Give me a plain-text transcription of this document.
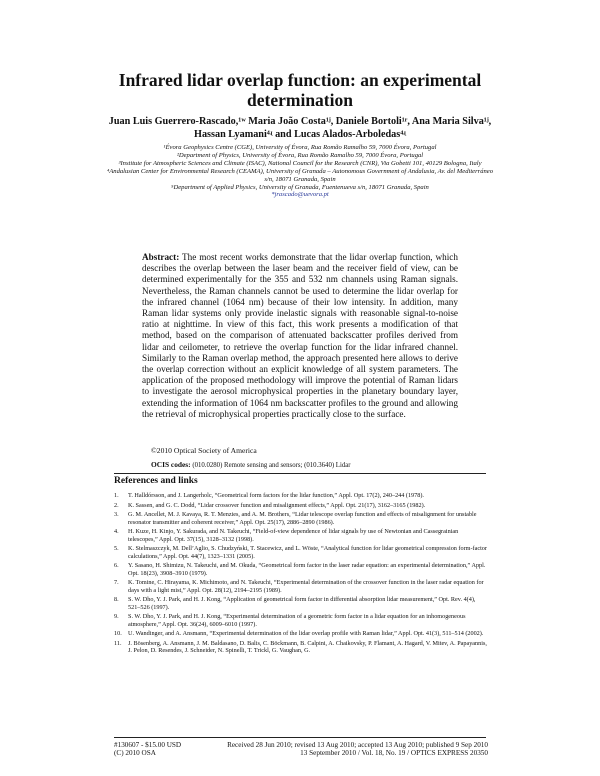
Infrared lidar overlap function: an experimental determination
Juan Luis Guerrero-Rascado,¹ʷ Maria João Costa¹ʲ, Daniele Bortoli¹ʳ, Ana Maria Silva¹ʲ, Hassan Lyamani⁴ʵ and Lucas Alados-Arboledas⁴ʵ
¹Évora Geophysics Centre (CGE), University of Évora, Rua Romão Ramalho 59, 7000 Évora, Portugal
²Department of Physics, University of Évora, Rua Romão Ramalho 59, 7000 Évora, Portugal
³Institute for Atmospheric Sciences and Climate (ISAC), National Council for the Research (CNR), Via Gobetti 101, 40129 Bologna, Italy
⁴Andalusian Center for Environmental Research (CEAMA), University of Granada – Autonomous Government of Andalusia, Av. del Mediterráneo s/n, 18071 Granada, Spain
⁵Department of Applied Physics, University of Granada, Fuentenueva s/n, 18071 Granada, Spain
*jrascado@uevora.pt
Abstract: The most recent works demonstrate that the lidar overlap function, which describes the overlap between the laser beam and the receiver field of view, can be determined experimentally for the 355 and 532 nm channels using Raman signals. Nevertheless, the Raman channels cannot be used to determine the lidar overlap for the infrared channel (1064 nm) because of their low intensity. In addition, many Raman lidar systems only provide inelastic signals with reasonable signal-to-noise ratio at nighttime. In view of this fact, this work presents a modification of that method, based on the comparison of attenuated backscatter profiles derived from lidar and ceilometer, to retrieve the overlap function for the lidar infrared channel. Similarly to the Raman overlap method, the approach presented here allows to derive the overlap correction without an explicit knowledge of all system parameters. The application of the proposed methodology will improve the potential of Raman lidars to investigate the aerosol microphysical properties in the planetary boundary layer, extending the information of 1064 nm backscatter profiles to the ground and allowing the retrieval of microphysical properties practically close to the surface.
©2010 Optical Society of America
OCIS codes: (010.0280) Remote sensing and sensors; (010.3640) Lidar
References and links
1.	T. Halldórsson, and J. Langerholc, “Geometrical form factors for the lidar function,” Appl. Opt. 17(2), 240–244 (1978).
2.	K. Sassen, and G. C. Dodd, “Lidar crossover function and misalignment effects,” Appl. Opt. 21(17), 3162–3165 (1982).
3.	G. M. Ancellet, M. J. Kavaya, R. T. Menzies, and A. M. Brothers, “Lidar telescope overlap function and effects of misalignment for unstable resonator transmitter and coherent receiver,” Appl. Opt. 25(17), 2886–2890 (1986).
4.	H. Kuze, H. Kinjo, Y. Sakurada, and N. Takeuchi, “Field-of-view dependence of lidar signals by use of Newtonian and Cassegrainian telescopes,” Appl. Opt. 37(15), 3128–3132 (1998).
5.	K. Stelmaszczyk, M. Dell’Aglio, S. Chudzyński, T. Stacewicz, and L. Wöste, “Analytical function for lidar geometrical compression form-factor calculations,” Appl. Opt. 44(7), 1323–1331 (2005).
6.	Y. Sasano, H. Shimizu, N. Takeuchi, and M. Okuda, “Geometrical form factor in the laser radar equation: an experimental determination,” Appl. Opt. 18(23), 3908–3910 (1979).
7.	K. Tomine, C. Hirayama, K. Michimoto, and N. Takeuchi, “Experimental determination of the crossover function in the laser radar equation for days with a light mist,” Appl. Opt. 28(12), 2194–2195 (1989).
8.	S. W. Dho, Y. J. Park, and H. J. Kong, “Application of geometrical form factor in differential absorption lidar measurement,” Opt. Rev. 4(4), 521–526 (1997).
9.	S. W. Dho, Y. J. Park, and H. J. Kong, “Experimental determination of a geometric form factor in a lidar equation for an inhomogeneous atmosphere,” Appl. Opt. 36(24), 6009–6010 (1997).
10.	U. Wandinger, and A. Ansmann, “Experimental determination of the lidar overlap profile with Raman lidar,” Appl. Opt. 41(3), 511–514 (2002).
11.	J. Bösenberg, A. Ansmann, J. M. Baldasano, D. Balis, C. Böckmann, B. Calpini, A. Chaikovsky, P. Flamant, A. Hagard, V. Mitev, A. Papayannis, J. Pelon, D. Resendes, J. Schneider, N. Spinelli, T. Trickl, G. Vaughan, G.
#130607 - $15.00 USD	Received 28 Jun 2010; revised 13 Aug 2010; accepted 13 Aug 2010; published 9 Sep 2010
(C) 2010 OSA	13 September 2010 / Vol. 18, No. 19 / OPTICS EXPRESS 20350
